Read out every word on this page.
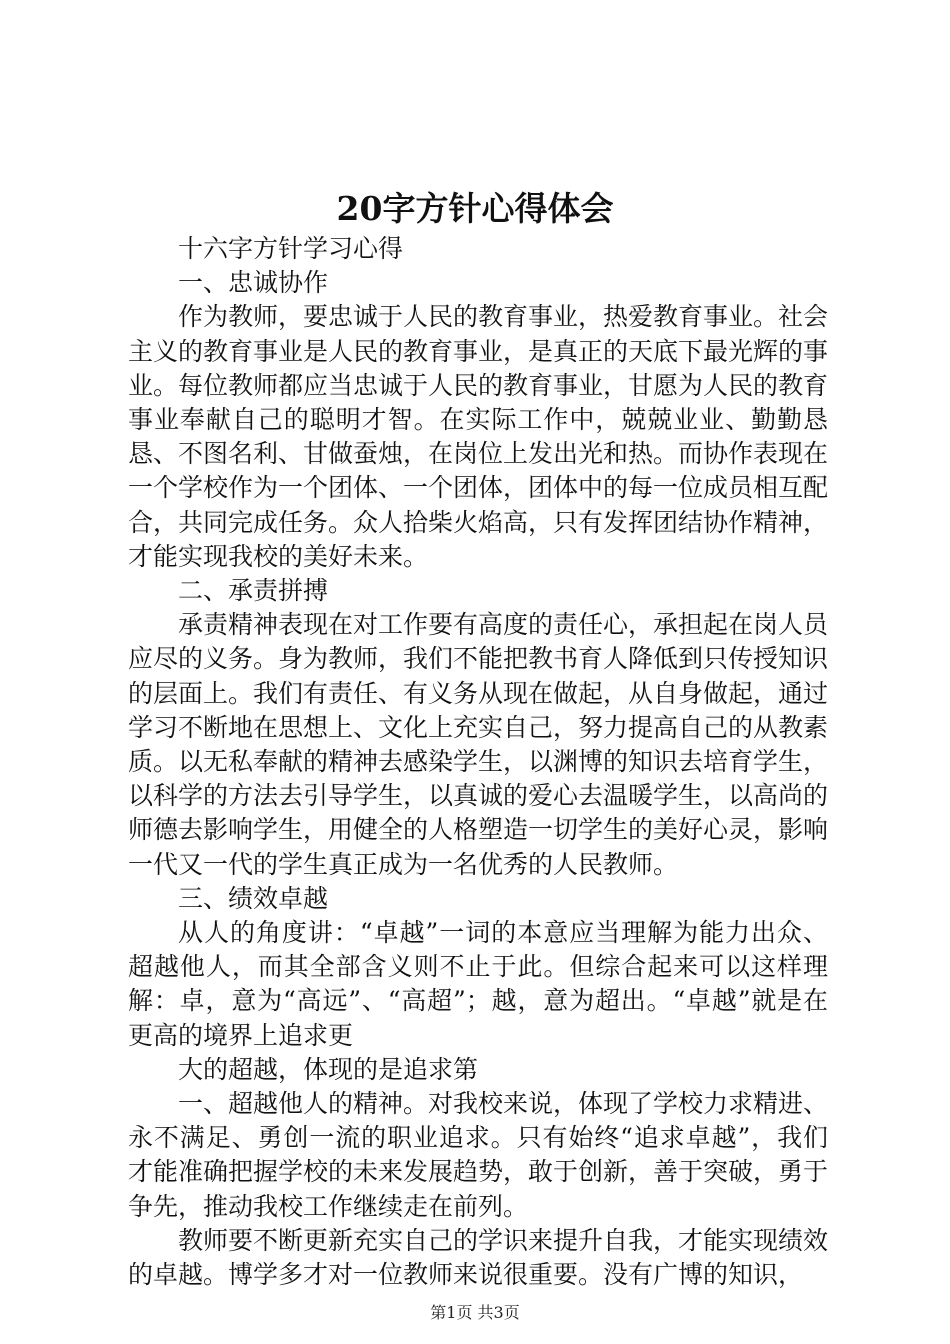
20字方针心得体会

十六字方针学习心得

一、忠诚协作

作为教师，要忠诚于人民的教育事业，热爱教育事业。社会主义的教育事业是人民的教育事业，是真正的天底下最光辉的事业。每位教师都应当忠诚于人民的教育事业，甘愿为人民的教育事业奉献自己的聪明才智。在实际工作中，兢兢业业、勤勤恳恳、不图名利、甘做蚕烛，在岗位上发出光和热。而协作表现在一个学校作为一个团体、一个团体，团体中的每一位成员相互配合，共同完成任务。众人拾柴火焰高，只有发挥团结协作精神，才能实现我校的美好未来。

二、承责拼搏

承责精神表现在对工作要有高度的责任心，承担起在岗人员应尽的义务。身为教师，我们不能把教书育人降低到只传授知识的层面上。我们有责任、有义务从现在做起，从自身做起，通过学习不断地在思想上、文化上充实自己，努力提高自己的从教素质。以无私奉献的精神去感染学生，以渊博的知识去培育学生，以科学的方法去引导学生，以真诚的爱心去温暖学生，以高尚的师德去影响学生，用健全的人格塑造一切学生的美好心灵，影响一代又一代的学生真正成为一名优秀的人民教师。

三、绩效卓越

从人的角度讲：“卓越”一词的本意应当理解为能力出众、超越他人，而其全部含义则不止于此。但综合起来可以这样理解：卓，意为“高远”、“高超”；越，意为超出。“卓越”就是在更高的境界上追求更

大的超越，体现的是追求第

一、超越他人的精神。对我校来说，体现了学校力求精进、永不满足、勇创一流的职业追求。只有始终“追求卓越”，我们才能准确把握学校的未来发展趋势，敢于创新，善于突破，勇于争先，推动我校工作继续走在前列。

教师要不断更新充实自己的学识来提升自我，才能实现绩效的卓越。博学多才对一位教师来说很重要。没有广博的知识，

第1页 共3页
